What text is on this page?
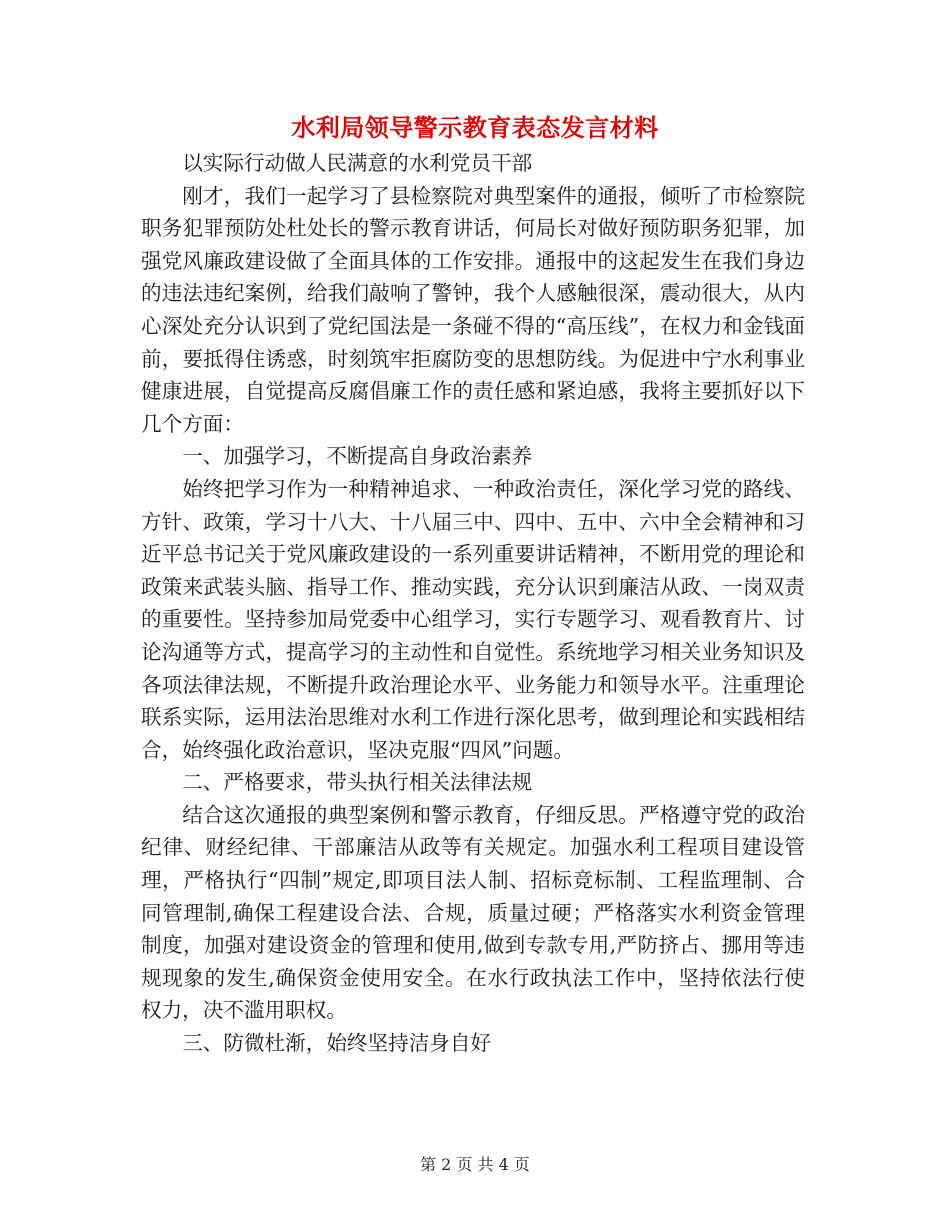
水利局领导警示教育表态发言材料

以实际行动做人民满意的水利党员干部

刚才，我们一起学习了县检察院对典型案件的通报，倾听了市检察院职务犯罪预防处杜处长的警示教育讲话，何局长对做好预防职务犯罪，加强党风廉政建设做了全面具体的工作安排。通报中的这起发生在我们身边的违法违纪案例，给我们敲响了警钟，我个人感触很深，震动很大，从内心深处充分认识到了党纪国法是一条碰不得的“高压线”，在权力和金钱面前，要抵得住诱惑，时刻筑牢拒腐防变的思想防线。为促进中宁水利事业健康进展，自觉提高反腐倡廉工作的责任感和紧迫感，我将主要抓好以下几个方面：

一、加强学习，不断提高自身政治素养

始终把学习作为一种精神追求、一种政治责任，深化学习党的路线、方针、政策，学习十八大、十八届三中、四中、五中、六中全会精神和习近平总书记关于党风廉政建设的一系列重要讲话精神，不断用党的理论和政策来武装头脑、指导工作、推动实践，充分认识到廉洁从政、一岗双责的重要性。坚持参加局党委中心组学习，实行专题学习、观看教育片、讨论沟通等方式，提高学习的主动性和自觉性。系统地学习相关业务知识及各项法律法规，不断提升政治理论水平、业务能力和领导水平。注重理论联系实际，运用法治思维对水利工作进行深化思考，做到理论和实践相结合，始终强化政治意识，坚决克服“四风”问题。

二、严格要求，带头执行相关法律法规

结合这次通报的典型案例和警示教育，仔细反思。严格遵守党的政治纪律、财经纪律、干部廉洁从政等有关规定。加强水利工程项目建设管理，严格执行“四制”规定,即项目法人制、招标竞标制、工程监理制、合同管理制,确保工程建设合法、合规，质量过硬；严格落实水利资金管理制度，加强对建设资金的管理和使用,做到专款专用,严防挤占、挪用等违规现象的发生,确保资金使用安全。在水行政执法工作中，坚持依法行使权力，决不滥用职权。

三、防微杜渐，始终坚持洁身自好

第 2 页 共 4 页
